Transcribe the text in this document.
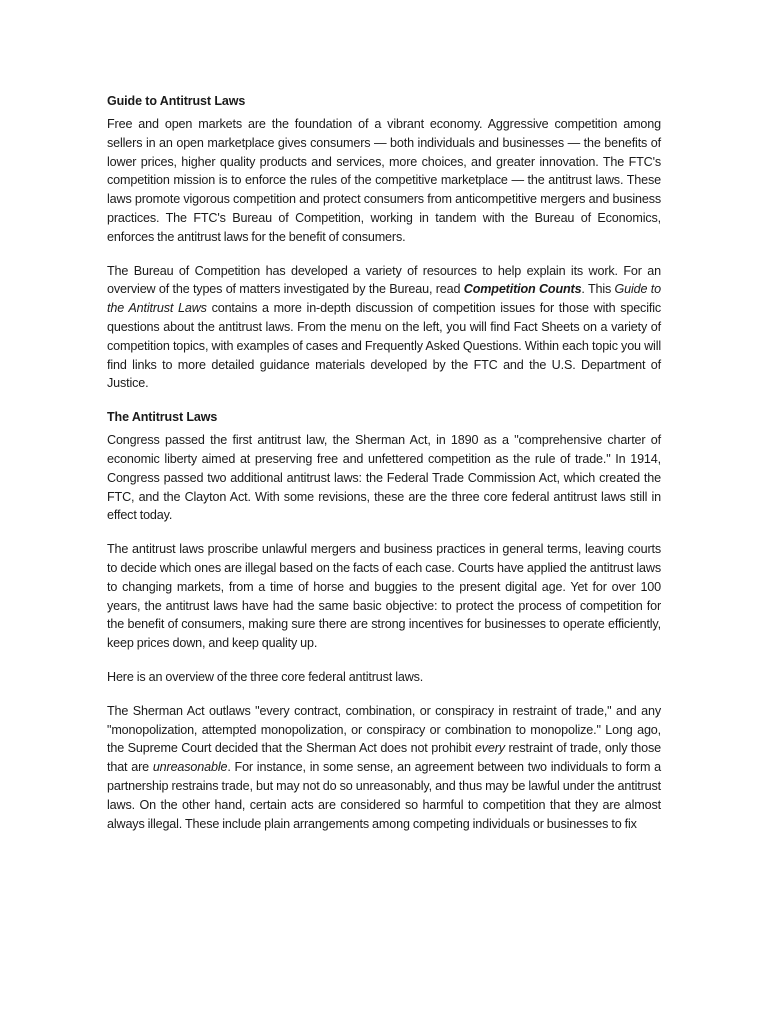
Guide to Antitrust Laws

Free and open markets are the foundation of a vibrant economy. Aggressive competition among sellers in an open marketplace gives consumers — both individuals and businesses — the benefits of lower prices, higher quality products and services, more choices, and greater innovation. The FTC's competition mission is to enforce the rules of the competitive marketplace — the antitrust laws. These laws promote vigorous competition and protect consumers from anticompetitive mergers and business practices. The FTC's Bureau of Competition, working in tandem with the Bureau of Economics, enforces the antitrust laws for the benefit of consumers.

The Bureau of Competition has developed a variety of resources to help explain its work. For an overview of the types of matters investigated by the Bureau, read Competition Counts. This Guide to the Antitrust Laws contains a more in-depth discussion of competition issues for those with specific questions about the antitrust laws. From the menu on the left, you will find Fact Sheets on a variety of competition topics, with examples of cases and Frequently Asked Questions. Within each topic you will find links to more detailed guidance materials developed by the FTC and the U.S. Department of Justice.

The Antitrust Laws

Congress passed the first antitrust law, the Sherman Act, in 1890 as a "comprehensive charter of economic liberty aimed at preserving free and unfettered competition as the rule of trade." In 1914, Congress passed two additional antitrust laws: the Federal Trade Commission Act, which created the FTC, and the Clayton Act. With some revisions, these are the three core federal antitrust laws still in effect today.

The antitrust laws proscribe unlawful mergers and business practices in general terms, leaving courts to decide which ones are illegal based on the facts of each case. Courts have applied the antitrust laws to changing markets, from a time of horse and buggies to the present digital age. Yet for over 100 years, the antitrust laws have had the same basic objective: to protect the process of competition for the benefit of consumers, making sure there are strong incentives for businesses to operate efficiently, keep prices down, and keep quality up.

Here is an overview of the three core federal antitrust laws.

The Sherman Act outlaws "every contract, combination, or conspiracy in restraint of trade," and any "monopolization, attempted monopolization, or conspiracy or combination to monopolize." Long ago, the Supreme Court decided that the Sherman Act does not prohibit every restraint of trade, only those that are unreasonable. For instance, in some sense, an agreement between two individuals to form a partnership restrains trade, but may not do so unreasonably, and thus may be lawful under the antitrust laws. On the other hand, certain acts are considered so harmful to competition that they are almost always illegal. These include plain arrangements among competing individuals or businesses to fix
